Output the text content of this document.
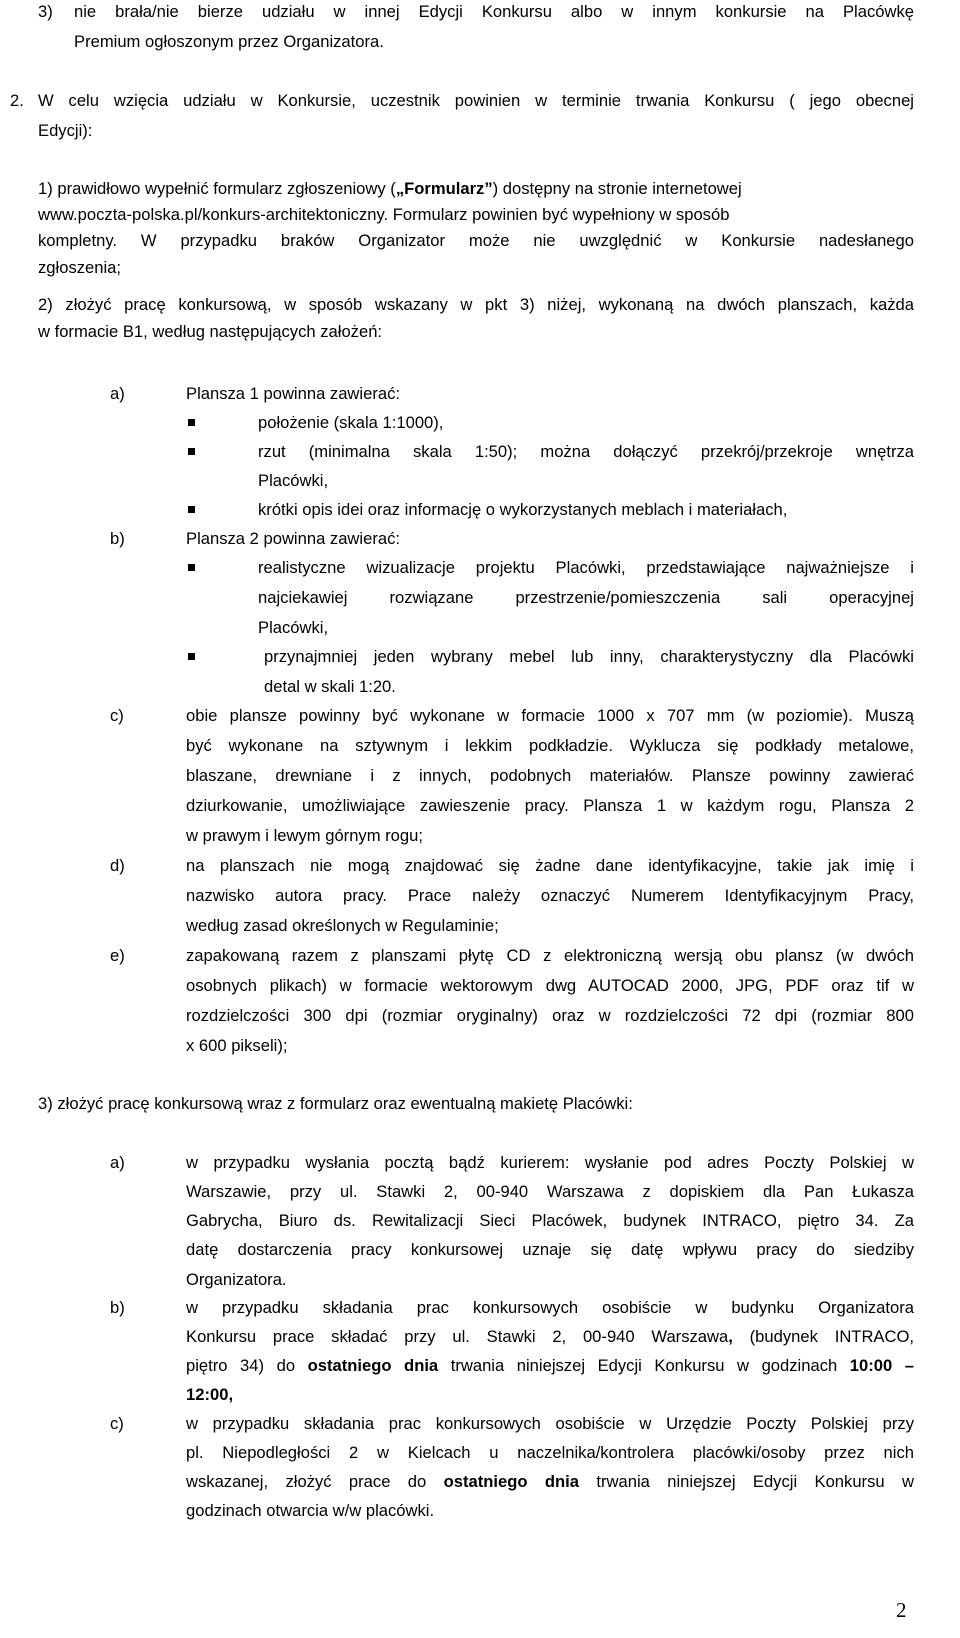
3) nie brała/nie bierze udziału w innej Edycji Konkursu albo w innym konkursie na Placówkę
Premium ogłoszonym przez Organizatora.
2. W celu wzięcia udziału w Konkursie, uczestnik powinien w terminie trwania Konkursu ( jego obecnej
Edycji):
1) prawidłowo wypełnić formularz zgłoszeniowy („Formularz”) dostępny na stronie internetowej
www.poczta-polska.pl/konkurs-architektoniczny. Formularz powinien być wypełniony w sposób
kompletny. W przypadku braków Organizator może nie uwzględnić w Konkursie nadesłanego
zgłoszenia;
2) złożyć pracę konkursową, w sposób wskazany w pkt 3) niżej, wykonaną na dwóch planszach, każda
w formacie B1, według następujących założeń:
a)	Plansza 1 powinna zawierać:
położenie (skala 1:1000),
rzut (minimalna skala 1:50); można dołączyć przekrój/przekroje wnętrza
Placówki,
krótki opis idei oraz informację o wykorzystanych meblach i materiałach,
b)	Plansza 2 powinna zawierać:
realistyczne wizualizacje projektu Placówki, przedstawiające najważniejsze i
najciekawiej rozwiązane przestrzenie/pomieszczenia sali operacyjnej
Placówki,
przynajmniej jeden wybrany mebel lub inny, charakterystyczny dla Placówki
detal w skali 1:20.
c)	obie plansze powinny być wykonane w formacie 1000 x 707 mm (w poziomie). Muszą
być wykonane na sztywnym i lekkim podkładzie. Wyklucza się podkłady metalowe,
blaszane, drewniane i z innych, podobnych materiałów. Plansze powinny zawierać
dziurkowanie, umożliwiające zawieszenie pracy. Plansza 1 w każdym rogu, Plansza 2
w prawym i lewym górnym rogu;
d)	na planszach nie mogą znajdować się żadne dane identyfikacyjne, takie jak imię i
nazwisko autora pracy. Prace należy oznaczyć Numerem Identyfikacyjnym Pracy,
według zasad określonych w Regulaminie;
e)	zapakowaną razem z planszami płytę CD z elektroniczną wersją obu plansz (w dwóch
osobnych plikach) w formacie wektorowym dwg AUTOCAD 2000, JPG, PDF oraz tif w
rozdzielczości 300 dpi (rozmiar oryginalny) oraz w rozdzielczości 72 dpi (rozmiar 800
x 600 pikseli);
3) złożyć pracę konkursową wraz z formularz oraz ewentualną makietę Placówki:
a)	w przypadku wysłania pocztą bądź kurierem: wysłanie pod adres Poczty Polskiej w
Warszawie, przy ul. Stawki 2, 00-940 Warszawa z dopiskiem dla Pan Łukasza
Gabrycha, Biuro ds. Rewitalizacji Sieci Placówek, budynek INTRACO, piętro 34. Za
datę dostarczenia pracy konkursowej uznaje się datę wpływu pracy do siedziby
Organizatora.
b)	w przypadku składania prac konkursowych osobiście w budynku Organizatora
Konkursu prace składać przy ul. Stawki 2, 00-940 Warszawa, (budynek INTRACO,
piętro 34) do ostatniego dnia trwania niniejszej Edycji Konkursu w godzinach 10:00 –
12:00,
c)	w przypadku składania prac konkursowych osobiście w Urzędzie Poczty Polskiej przy
pl. Niepodległości 2 w Kielcach u naczelnika/kontrolera placówki/osoby przez nich
wskazanej, złożyć prace do ostatniego dnia trwania niniejszej Edycji Konkursu w
godzinach otwarcia w/w placówki.
2
